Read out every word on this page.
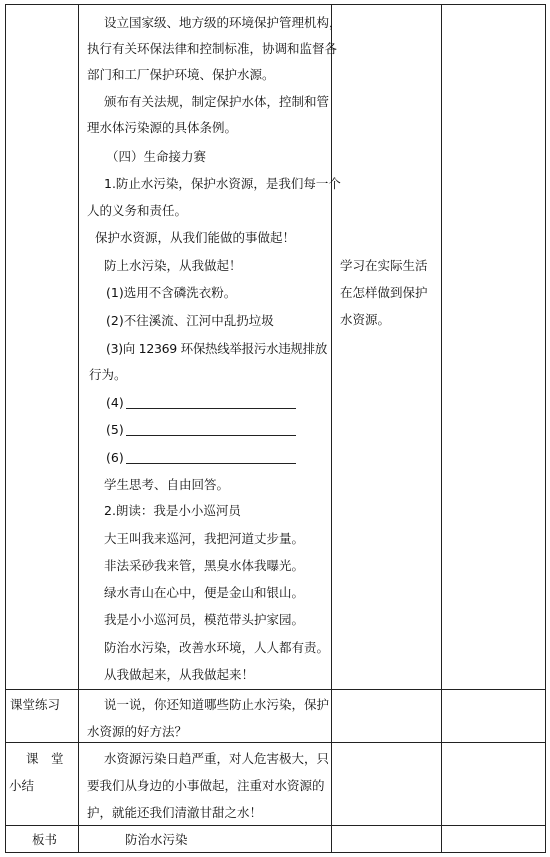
设立国家级、地方级的环境保护管理机构，
执行有关环保法律和控制标准，协调和监督各
部门和工厂保护环境、保护水源。
颁布有关法规，制定保护水体，控制和管
理水体污染源的具体条例。
（四）生命接力赛
1.防止水污染，保护水资源，是我们每一个
人的义务和责任。
保护水资源，从我们能做的事做起！
防上水污染，从我做起！
(1)选用不含磷洗衣粉。
(2)不往溪流、江河中乱扔垃圾
(3)向 12369 环保热线举报污水违规排放
行为。
(4)
(5)
(6)
学生思考、自由回答。
2.朗读：我是小小巡河员
大王叫我来巡河，我把河道丈步量。
非法采砂我来管，黑臭水体我曝光。
绿水青山在心中，便是金山和银山。
我是小小巡河员，模范带头护家园。
防治水污染，改善水环境，人人都有责。
从我做起来，从我做起来！
学习在实际生活
在怎样做到保护
水资源。
课堂练习	说一说，你还知道哪些防止水污染，保护
水资源的好方法？
课　堂
小结
水资源污染日趋严重，对人危害极大，只
要我们从身边的小事做起，注重对水资源的
护，就能还我们清澈甘甜之水！
板书	防治水污染
